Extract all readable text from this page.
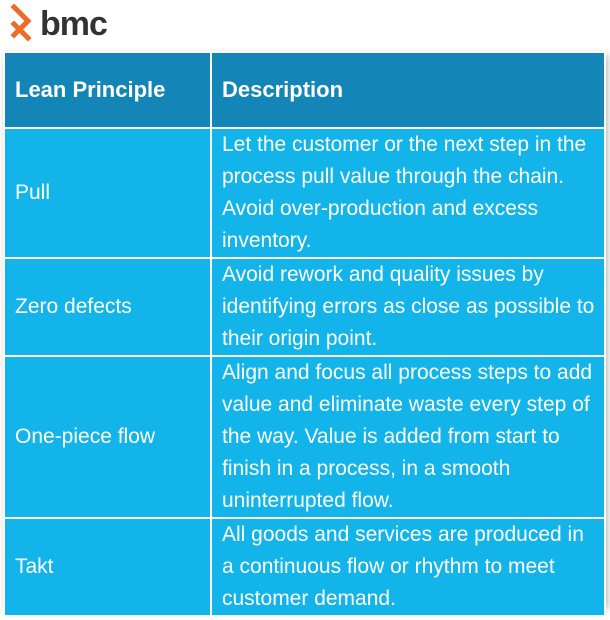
bmc
Lean Principle	Description
Pull	Let the customer or the next step in the process pull value through the chain. Avoid over-production and excess inventory.
Zero defects	Avoid rework and quality issues by identifying errors as close as possible to their origin point.
One-piece flow	Align and focus all process steps to add value and eliminate waste every step of the way. Value is added from start to finish in a process, in a smooth uninterrupted flow.
Takt	All goods and services are produced in a continuous flow or rhythm to meet customer demand.
